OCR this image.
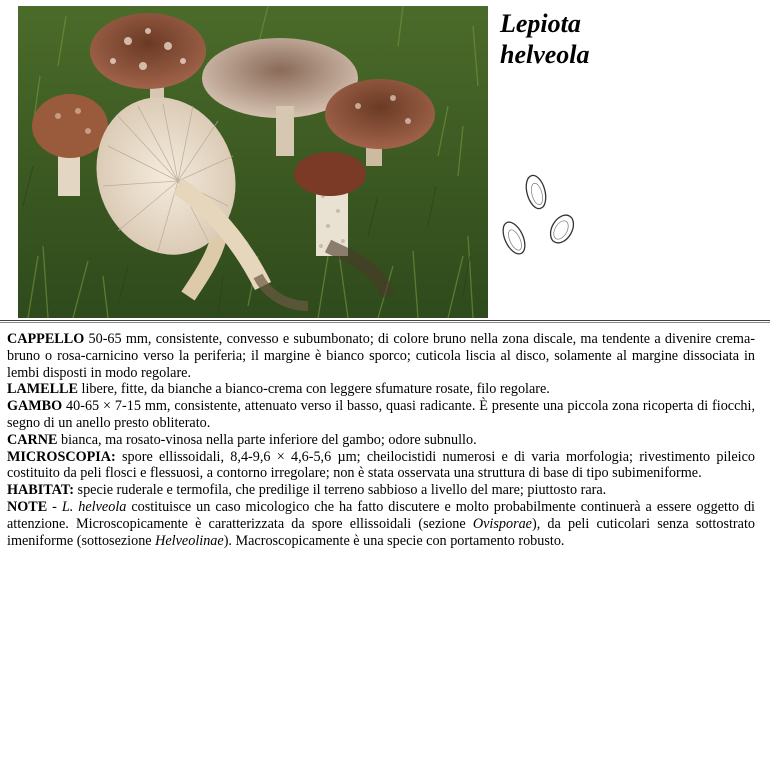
Lepiota
helveola

CAPPELLO 50-65 mm, consistente, convesso e subumbonato; di colore bruno nella zona discale, ma tendente a divenire crema-bruno o rosa-carnicino verso la periferia; il margine è bianco sporco; cuticola liscia al disco, solamente al margine dissociata in lembi disposti in modo regolare.

LAMELLE libere, fitte, da bianche a bianco-crema con leggere sfumature rosate, filo regolare.

GAMBO 40-65 × 7-15 mm, consistente, attenuato verso il basso, quasi radicante. È presente una piccola zona ricoperta di fiocchi, segno di un anello presto obliterato.

CARNE bianca, ma rosato-vinosa nella parte inferiore del gambo; odore subnullo.

MICROSCOPIA: spore ellissoidali, 8,4-9,6 × 4,6-5,6 µm; cheilocistidi numerosi e di varia morfologia; rivestimento pileico costituito da peli flosci e flessuosi, a contorno irregolare; non è stata osservata una struttura di base di tipo subimeniforme.

HABITAT: specie ruderale e termofila, che predilige il terreno sabbioso a livello del mare; piuttosto rara.

NOTE - L. helveola costituisce un caso micologico che ha fatto discutere e molto probabilmente continuerà a essere oggetto di attenzione. Microscopicamente è caratterizzata da spore ellissoidali (sezione Ovisporae), da peli cuticolari senza sottostrato imeniforme (sottosezione Helveolinae). Macroscopicamente è una specie con portamento robusto.
